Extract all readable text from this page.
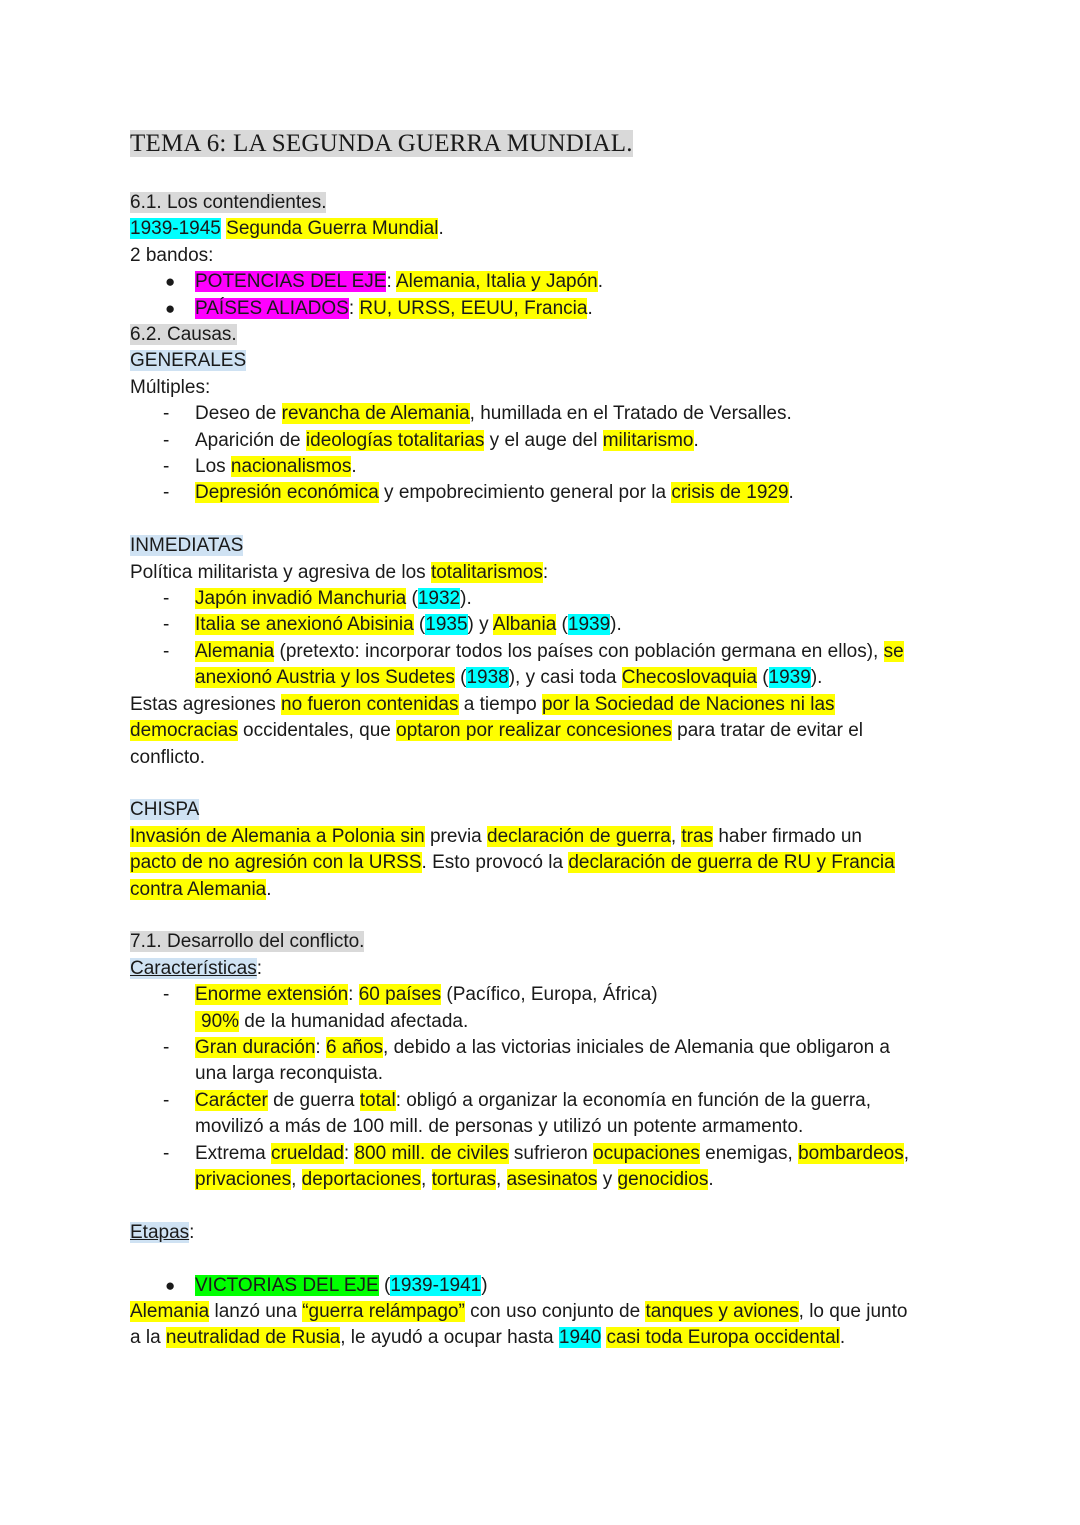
TEMA 6: LA SEGUNDA GUERRA MUNDIAL.
6.1. Los contendientes.
1939-1945 Segunda Guerra Mundial.
2 bandos:
● POTENCIAS DEL EJE: Alemania, Italia y Japón.
● PAÍSES ALIADOS: RU, URSS, EEUU, Francia.
6.2. Causas.
GENERALES
Múltiples:
- Deseo de revancha de Alemania, humillada en el Tratado de Versalles.
- Aparición de ideologías totalitarias y el auge del militarismo.
- Los nacionalismos.
- Depresión económica y empobrecimiento general por la crisis de 1929.
INMEDIATAS
Política militarista y agresiva de los totalitarismos:
- Japón invadió Manchuria (1932).
- Italia se anexionó Abisinia (1935) y Albania (1939).
- Alemania (pretexto: incorporar todos los países con población germana en ellos), se
anexionó Austria y los Sudetes (1938), y casi toda Checoslovaquia (1939).
Estas agresiones no fueron contenidas a tiempo por la Sociedad de Naciones ni las
democracias occidentales, que optaron por realizar concesiones para tratar de evitar el
conflicto.
CHISPA
Invasión de Alemania a Polonia sin previa declaración de guerra, tras haber firmado un
pacto de no agresión con la URSS. Esto provocó la declaración de guerra de RU y Francia
contra Alemania.
7.1. Desarrollo del conflicto.
Características:
- Enorme extensión: 60 países (Pacífico, Europa, África)
90% de la humanidad afectada.
- Gran duración: 6 años, debido a las victorias iniciales de Alemania que obligaron a
una larga reconquista.
- Carácter de guerra total: obligó a organizar la economía en función de la guerra,
movilizó a más de 100 mill. de personas y utilizó un potente armamento.
- Extrema crueldad: 800 mill. de civiles sufrieron ocupaciones enemigas, bombardeos,
privaciones, deportaciones, torturas, asesinatos y genocidios.
Etapas:
● VICTORIAS DEL EJE (1939-1941)
Alemania lanzó una “guerra relámpago” con uso conjunto de tanques y aviones, lo que junto
a la neutralidad de Rusia, le ayudó a ocupar hasta 1940 casi toda Europa occidental.
